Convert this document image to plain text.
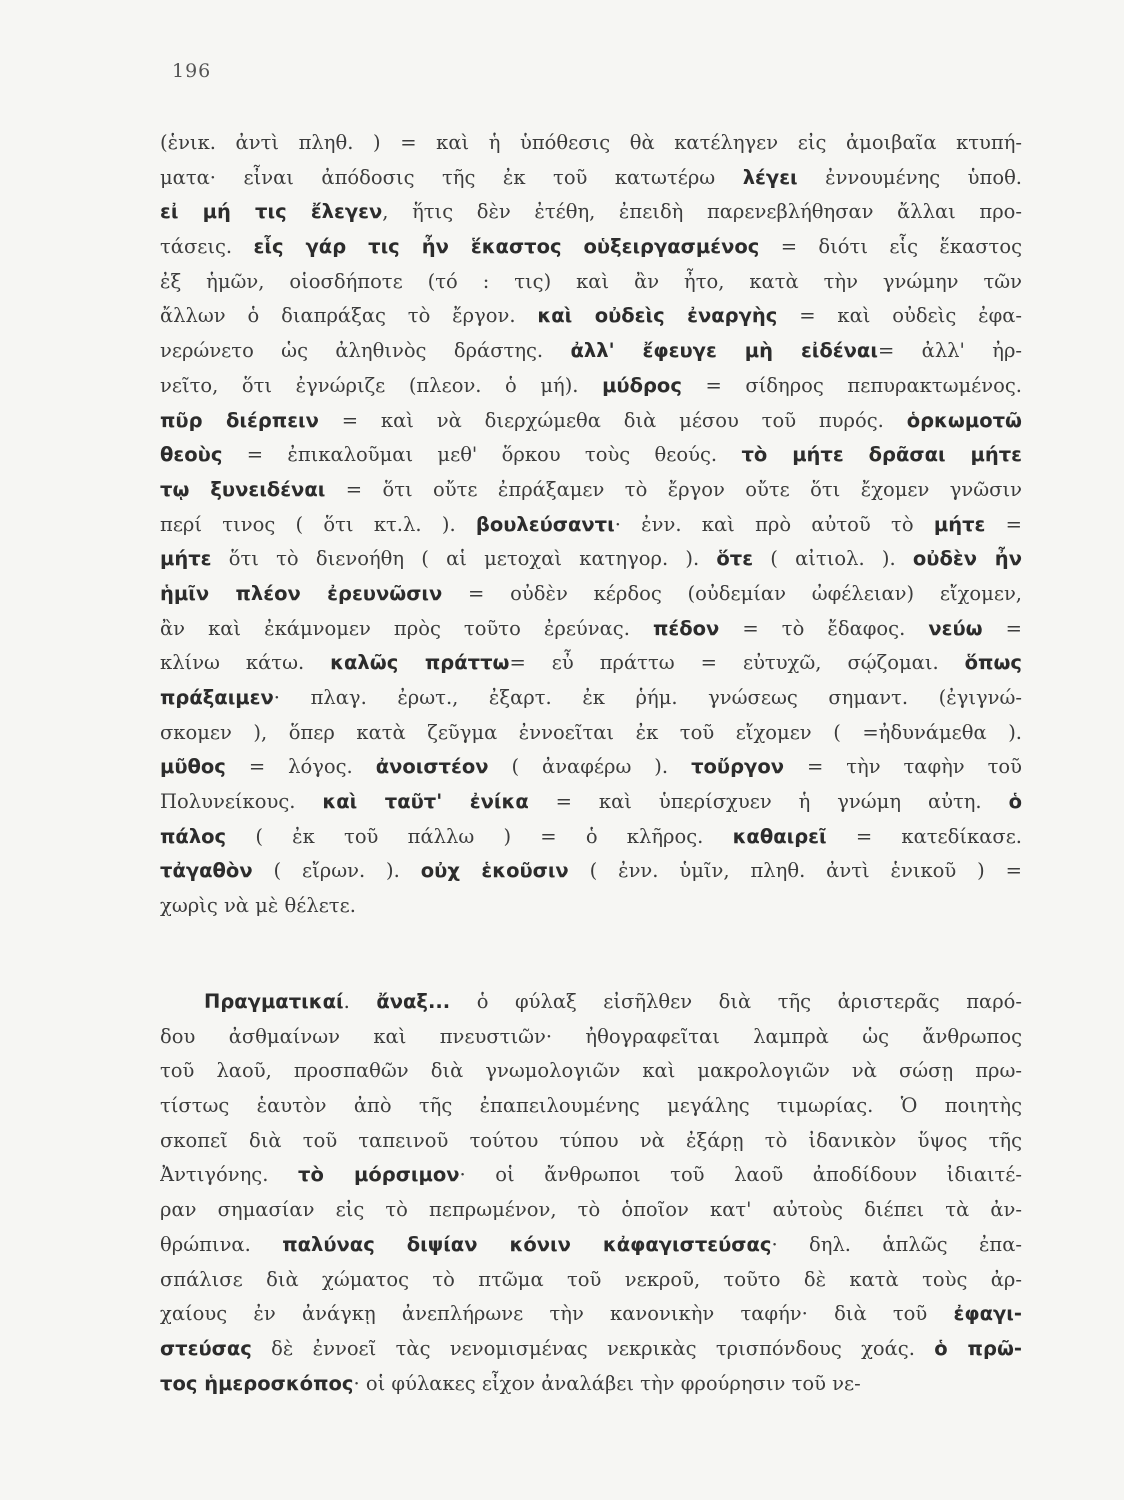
196
(ἑνικ. ἀντὶ πληθ. ) = καὶ ἡ ὑπόθεσις θὰ κατέληγεν εἰς ἀμοιβαῖα κτυπή-
ματα· εἶναι ἀπόδοσις τῆς ἐκ τοῦ κατωτέρω λέγει ἐννουμένης ὑποθ.
εἰ μή τις ἔλεγεν, ἥτις δὲν ἐτέθη, ἐπειδὴ παρενεβλήθησαν ἄλλαι προ-
τάσεις. εἷς γάρ τις ἦν ἕκαστος οὑξειργασμένος = διότι εἷς ἕκαστος
ἐξ ἡμῶν, οἱοσδήποτε (τό : τις) καὶ ἂν ἦτο, κατὰ τὴν γνώμην τῶν
ἄλλων ὁ διαπράξας τὸ ἔργον. καὶ οὐδεὶς ἐναργὴς = καὶ οὐδεὶς ἐφα-
νερώνετο ὡς ἀληθινὸς δράστης. ἀλλ' ἔφευγε μὴ εἰδέναι= ἀλλ' ἠρ-
νεῖτο, ὅτι ἐγνώριζε (πλεον. ὁ μή). μύδρος = σίδηρος πεπυρακτωμένος.
πῦρ διέρπειν = καὶ νὰ διερχώμεθα διὰ μέσου τοῦ πυρός. ὁρκωμοτῶ
θεοὺς = ἐπικαλοῦμαι μεθ' ὅρκου τοὺς θεούς. τὸ μήτε δρᾶσαι μήτε
τῳ ξυνειδέναι = ὅτι οὔτε ἐπράξαμεν τὸ ἔργον οὔτε ὅτι ἔχομεν γνῶσιν
περί τινος ( ὅτι κτ.λ. ). βουλεύσαντι· ἐνν. καὶ πρὸ αὐτοῦ τὸ μήτε =
μήτε ὅτι τὸ διενοήθη ( αἱ μετοχαὶ κατηγορ. ). ὅτε ( αἰτιολ. ). οὐδὲν ἦν
ἡμῖν πλέον ἐρευνῶσιν = οὐδὲν κέρδος (οὐδεμίαν ὠφέλειαν) εἴχομεν,
ἂν καὶ ἐκάμνομεν πρὸς τοῦτο ἐρεύνας. πέδον = τὸ ἔδαφος. νεύω =
κλίνω κάτω. καλῶς πράττω= εὖ πράττω = εὐτυχῶ, σῴζομαι. ὅπως
πράξαιμεν· πλαγ. ἐρωτ., ἐξαρτ. ἐκ ῥήμ. γνώσεως σημαντ. (ἐγιγνώ-
σκομεν ), ὅπερ κατὰ ζεῦγμα ἐννοεῖται ἐκ τοῦ εἴχομεν ( =ἠδυνάμεθα ).
μῦθος = λόγος. ἀνοιστέον ( ἀναφέρω ). τοὔργον = τὴν ταφὴν τοῦ
Πολυνείκους. καὶ ταῦτ' ἐνίκα = καὶ ὑπερίσχυεν ἡ γνώμη αὐτη. ὁ
πάλος ( ἐκ τοῦ πάλλω ) = ὁ κλῆρος. καθαιρεῖ = κατεδίκασε.
τἀγαθὸν ( εἴρων. ). οὐχ ἑκοῦσιν ( ἐνν. ὑμῖν, πληθ. ἀντὶ ἑνικοῦ ) =
χωρὶς νὰ μὲ θέλετε.
Πραγματικαί. ἄναξ... ὁ φύλαξ εἰσῆλθεν διὰ τῆς ἀριστερᾶς παρό-
δου ἀσθμαίνων καὶ πνευστιῶν· ἠθογραφεῖται λαμπρὰ ὡς ἄνθρωπος
τοῦ λαοῦ, προσπαθῶν διὰ γνωμολογιῶν καὶ μακρολογιῶν νὰ σώσῃ πρω-
τίστως ἑαυτὸν ἀπὸ τῆς ἐπαπειλουμένης μεγάλης τιμωρίας. Ὁ ποιητὴς
σκοπεῖ διὰ τοῦ ταπεινοῦ τούτου τύπου νὰ ἐξάρῃ τὸ ἰδανικὸν ὕψος τῆς
Ἀντιγόνης. τὸ μόρσιμον· οἱ ἄνθρωποι τοῦ λαοῦ ἀποδίδουν ἰδιαιτέ-
ραν σημασίαν εἰς τὸ πεπρωμένον, τὸ ὁποῖον κατ' αὐτοὺς διέπει τὰ ἀν-
θρώπινα. παλύνας διψίαν κόνιν κἀφαγιστεύσας· δηλ. ἁπλῶς ἐπα-
σπάλισε διὰ χώματος τὸ πτῶμα τοῦ νεκροῦ, τοῦτο δὲ κατὰ τοὺς ἀρ-
χαίους ἐν ἀνάγκῃ ἀνεπλήρωνε τὴν κανονικὴν ταφήν· διὰ τοῦ ἐφαγι-
στεύσας δὲ ἐννοεῖ τὰς νενομισμένας νεκρικὰς τρισπόνδους χοάς. ὁ πρῶ-
τος ἡμεροσκόπος· οἱ φύλακες εἶχον ἀναλάβει τὴν φρούρησιν τοῦ νε-
